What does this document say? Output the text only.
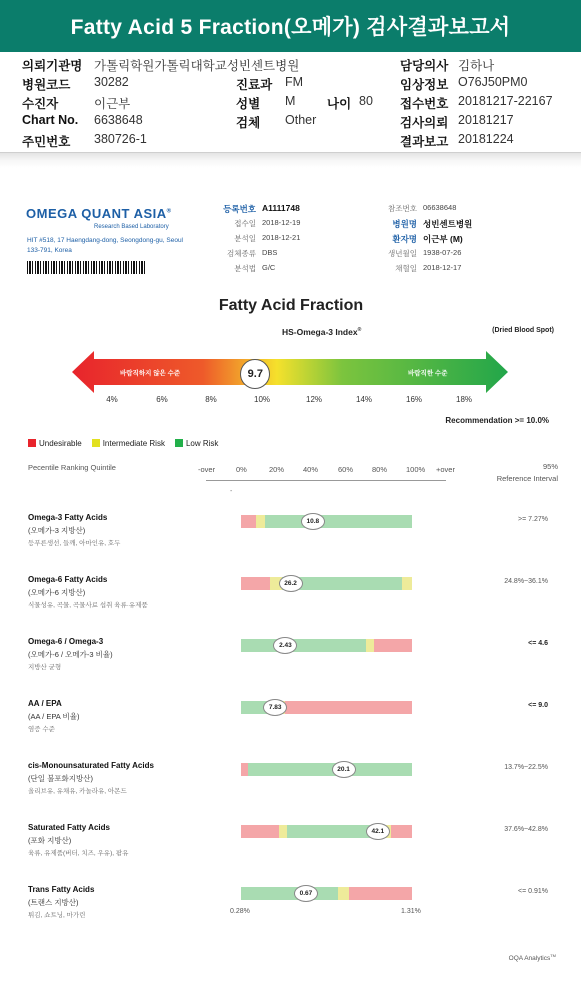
Fatty Acid 5 Fraction(오메가) 검사결과보고서
의뢰기관명 가톨릭학원가톨릭대학교성빈센트병원	담당의사 김하나
병원코드 30282	진료과 FM	임상정보 O76J50PM0
수진자	이근부	성별 M	나이 80 접수번호 20181217-22167
Chart No. 6638648	검체 Other	검사의뢰 20181217
주민번호 380726-1	결과보고 20181224
OMEGA QUANT ASIA®
Research Based Laboratory
HIT #518, 17 Haengdang-dong, Seongdong-gu, Seoul 133-791, Korea
등록번호 A1111748
접수일 2018-12-19
분석일 2018-12-21
검체종류 DBS
분석법 G/C
참조번호 06638648
병원명 성빈센트병원
환자명 이근부 (M)
생년월일 1938-07-26
채혈일 2018-12-17
Fatty Acid Fraction
HS-Omega-3 Index®	(Dried Blood Spot)
바람직하지 않은 수준	바람직한 수준
9.7
4%	6%	8%	10%	12%	14%	16%	18%
Recommendation >= 10.0%
Undesirable	Intermediate Risk	Low Risk
Pecentile Ranking Quintile	-over	0%	20%	40%	60%	80%	100% +over	95%
Reference Interval
-
Omega-3 Fatty Acids
(오메가-3 지방산)
등푸른생선, 들깨, 아마인유, 호두
10.8	>= 7.27%
Omega-6 Fatty Acids
(오메가-6 지방산)
식물성유, 곡물, 곡물사료 섭취 육류·유제품
26.2	24.8%~36.1%
Omega-6 / Omega-3
(오메가-6 / 오메가-3 비율)
지방산 균형
2.43	<= 4.6
AA / EPA
(AA / EPA 비율)
염증 수준
7.83	<= 9.0
cis-Monounsaturated Fatty Acids
(단일 불포화지방산)
올리브유, 유채유, 카놀라유, 아몬드
20.1	13.7%~22.5%
Saturated Fatty Acids
(포화 지방산)
육류, 유제품(버터, 치즈, 우유), 팜유
42.1	37.6%~42.8%
Trans Fatty Acids
(트랜스 지방산)
튀김, 쇼트닝, 마가린
0.67	<= 0.91%
0.28%	1.31%
OQA Analytics™
